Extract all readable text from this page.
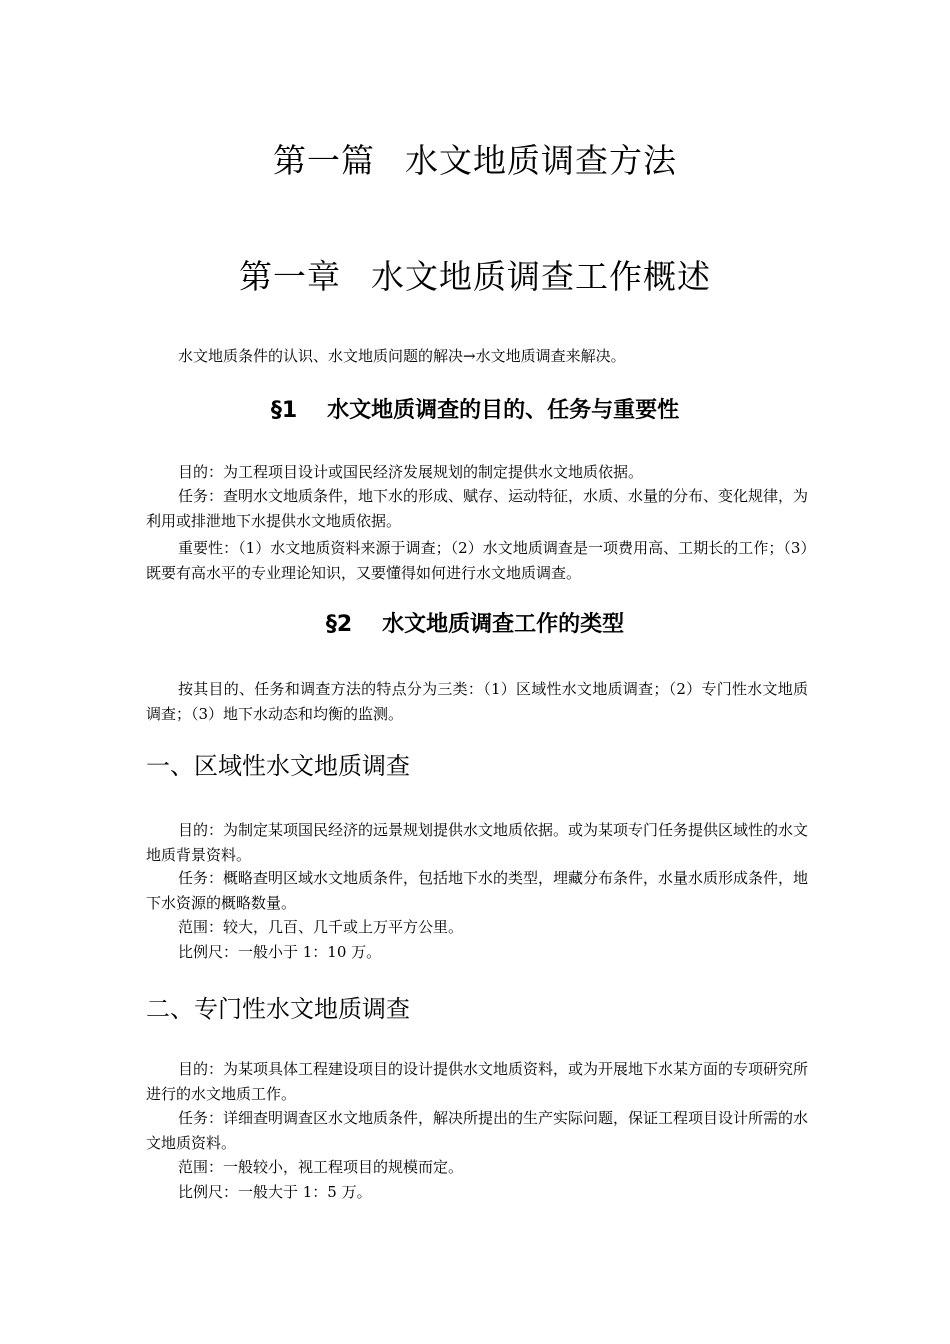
第一篇 水文地质调查方法
第一章 水文地质调查工作概述
水文地质条件的认识、水文地质问题的解决→水文地质调查来解决。
§1 水文地质调查的目的、任务与重要性

目的：为工程项目设计或国民经济发展规划的制定提供水文地质依据。

任务：查明水文地质条件，地下水的形成、赋存、运动特征，水质、水量的分布、变化规律，为利用或排泄地下水提供水文地质依据。

重要性：（1）水文地质资料来源于调查；（2）水文地质调查是一项费用高、工期长的工作；（3）既要有高水平的专业理论知识，又要懂得如何进行水文地质调查。

§2 水文地质调查工作的类型

按其目的、任务和调查方法的特点分为三类：（1）区域性水文地质调查；（2）专门性水文地质调查；（3）地下水动态和均衡的监测。

一、区域性水文地质调查

目的：为制定某项国民经济的远景规划提供水文地质依据。或为某项专门任务提供区域性的水文地质背景资料。

任务：概略查明区域水文地质条件，包括地下水的类型，埋藏分布条件，水量水质形成条件，地下水资源的概略数量。

范围：较大，几百、几千或上万平方公里。

比例尺：一般小于 1：10 万。

二、专门性水文地质调查

目的：为某项具体工程建设项目的设计提供水文地质资料，或为开展地下水某方面的专项研究所进行的水文地质工作。

任务：详细查明调查区水文地质条件，解决所提出的生产实际问题，保证工程项目设计所需的水文地质资料。

范围：一般较小，视工程项目的规模而定。

比例尺：一般大于 1：5 万。
